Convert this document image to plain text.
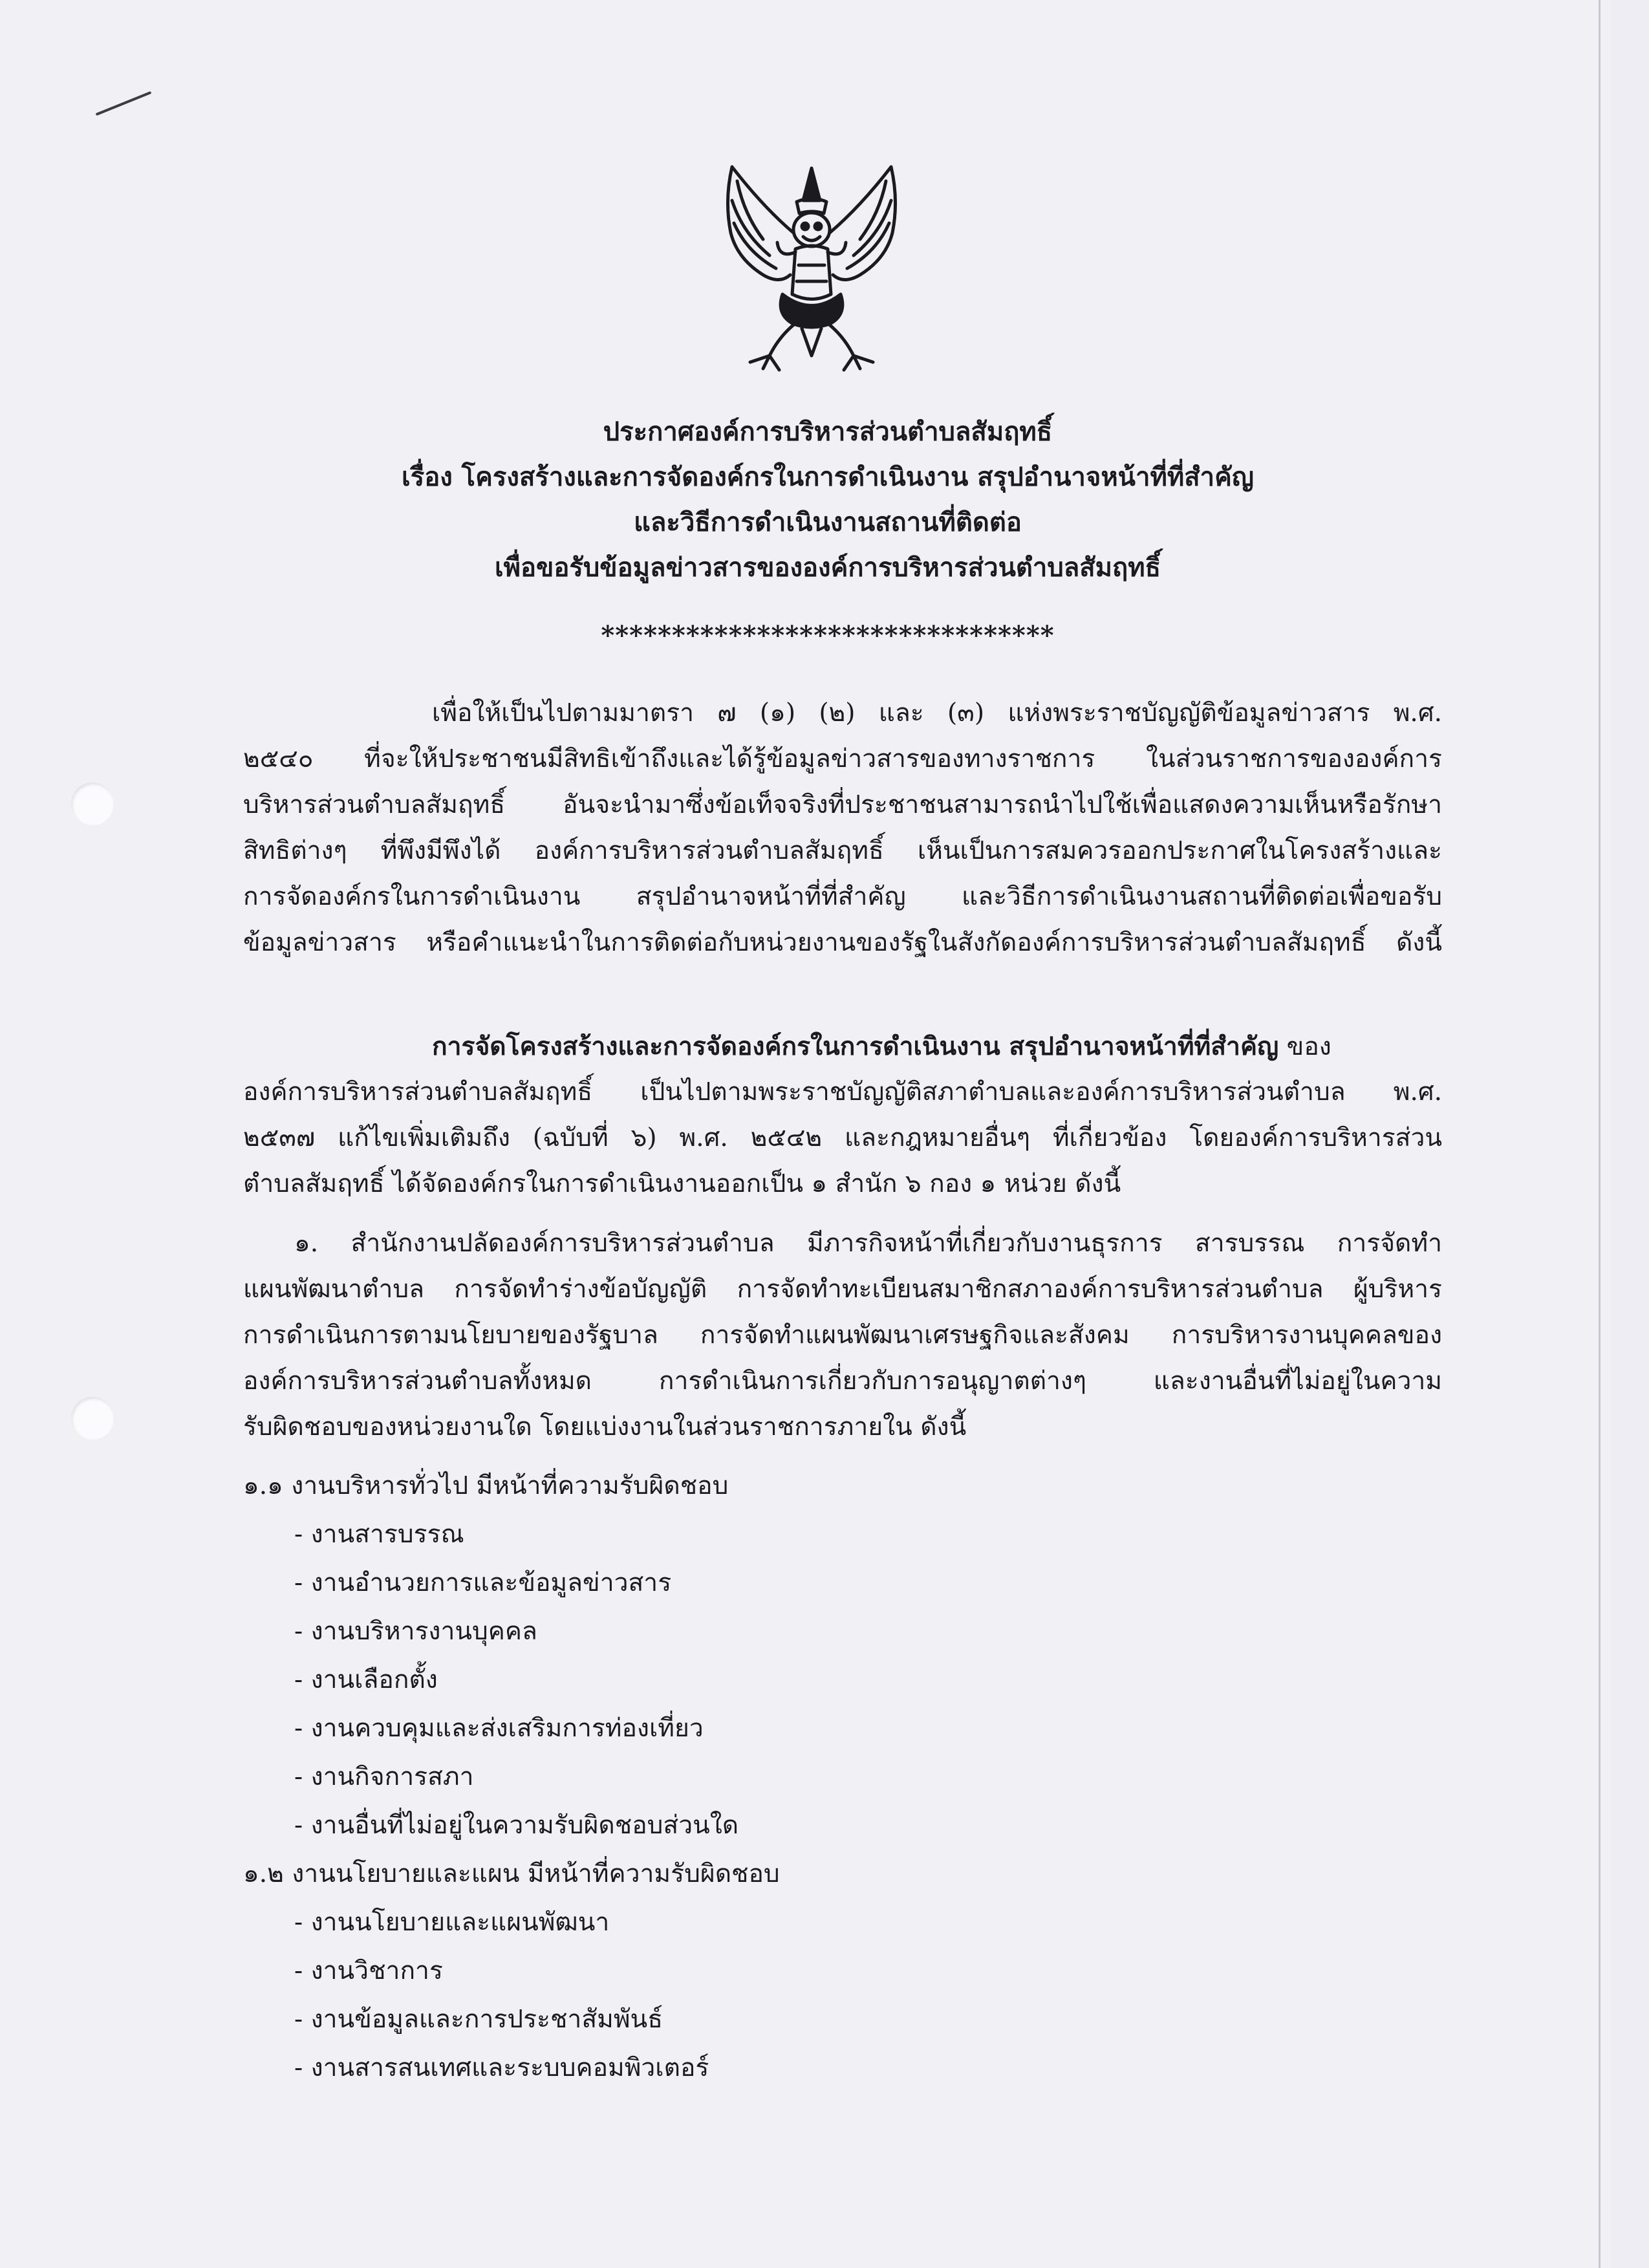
ประกาศองค์การบริหารส่วนตำบลสัมฤทธิ์
เรื่อง โครงสร้างและการจัดองค์กรในการดำเนินงาน สรุปอำนาจหน้าที่ที่สำคัญ
และวิธีการดำเนินงานสถานที่ติดต่อ
เพื่อขอรับข้อมูลข่าวสารขององค์การบริหารส่วนตำบลสัมฤทธิ์
********************************
เพื่อให้เป็นไปตามมาตรา ๗ (๑) (๒) และ (๓) แห่งพระราชบัญญัติข้อมูลข่าวสาร พ.ศ.
๒๕๔๐ ที่จะให้ประชาชนมีสิทธิเข้าถึงและได้รู้ข้อมูลข่าวสารของทางราชการ ในส่วนราชการขององค์การ
บริหารส่วนตำบลสัมฤทธิ์ อันจะนำมาซึ่งข้อเท็จจริงที่ประชาชนสามารถนำไปใช้เพื่อแสดงความเห็นหรือรักษา
สิทธิต่างๆ ที่พึงมีพึงได้ องค์การบริหารส่วนตำบลสัมฤทธิ์ เห็นเป็นการสมควรออกประกาศในโครงสร้างและ
การจัดองค์กรในการดำเนินงาน สรุปอำนาจหน้าที่ที่สำคัญ และวิธีการดำเนินงานสถานที่ติดต่อเพื่อขอรับ
ข้อมูลข่าวสาร หรือคำแนะนำในการติดต่อกับหน่วยงานของรัฐในสังกัดองค์การบริหารส่วนตำบลสัมฤทธิ์ ดังนี้
การจัดโครงสร้างและการจัดองค์กรในการดำเนินงาน สรุปอำนาจหน้าที่ที่สำคัญ ของ
องค์การบริหารส่วนตำบลสัมฤทธิ์ เป็นไปตามพระราชบัญญัติสภาตำบลและองค์การบริหารส่วนตำบล พ.ศ.
๒๕๓๗ แก้ไขเพิ่มเติมถึง (ฉบับที่ ๖) พ.ศ. ๒๕๔๒ และกฎหมายอื่นๆ ที่เกี่ยวข้อง โดยองค์การบริหารส่วน
ตำบลสัมฤทธิ์ ได้จัดองค์กรในการดำเนินงานออกเป็น ๑ สำนัก ๖ กอง ๑ หน่วย ดังนี้
๑. สำนักงานปลัดองค์การบริหารส่วนตำบล มีภารกิจหน้าที่เกี่ยวกับงานธุรการ สารบรรณ การจัดทำ
แผนพัฒนาตำบล การจัดทำร่างข้อบัญญัติ การจัดทำทะเบียนสมาชิกสภาองค์การบริหารส่วนตำบล ผู้บริหาร
การดำเนินการตามนโยบายของรัฐบาล การจัดทำแผนพัฒนาเศรษฐกิจและสังคม การบริหารงานบุคคลของ
องค์การบริหารส่วนตำบลทั้งหมด การดำเนินการเกี่ยวกับการอนุญาตต่างๆ และงานอื่นที่ไม่อยู่ในความ
รับผิดชอบของหน่วยงานใด โดยแบ่งงานในส่วนราชการภายใน ดังนี้
๑.๑ งานบริหารทั่วไป มีหน้าที่ความรับผิดชอบ
- งานสารบรรณ
- งานอำนวยการและข้อมูลข่าวสาร
- งานบริหารงานบุคคล
- งานเลือกตั้ง
- งานควบคุมและส่งเสริมการท่องเที่ยว
- งานกิจการสภา
- งานอื่นที่ไม่อยู่ในความรับผิดชอบส่วนใด
๑.๒ งานนโยบายและแผน มีหน้าที่ความรับผิดชอบ
- งานนโยบายและแผนพัฒนา
- งานวิชาการ
- งานข้อมูลและการประชาสัมพันธ์
- งานสารสนเทศและระบบคอมพิวเตอร์
